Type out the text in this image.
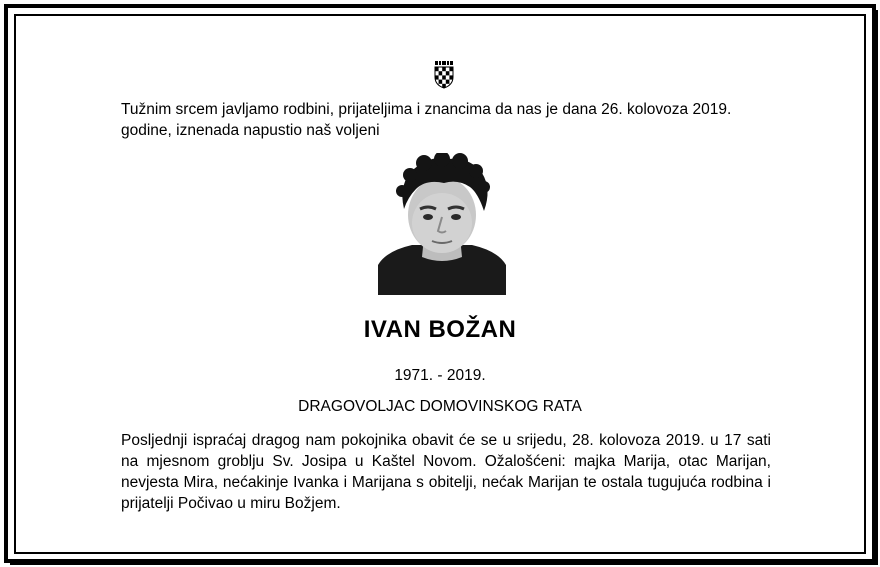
Tužnim srcem javljamo rodbini, prijateljima i znancima da nas je dana 26. kolovoza 2019. godine, iznenada napustio naš voljeni
IVAN BOŽAN
1971. - 2019.
DRAGOVOLJAC DOMOVINSKOG RATA
Posljednji ispraćaj dragog nam pokojnika obavit će se u srijedu, 28. kolovoza 2019. u 17 sati na mjesnom groblju Sv. Josipa u Kaštel Novom. Ožalošćeni: majka Marija, otac Marijan, nevjesta Mira, nećakinje Ivanka i Marijana s obitelji, nećak Marijan te ostala tugujuća rodbina i prijatelji Počivao u miru Božjem.
